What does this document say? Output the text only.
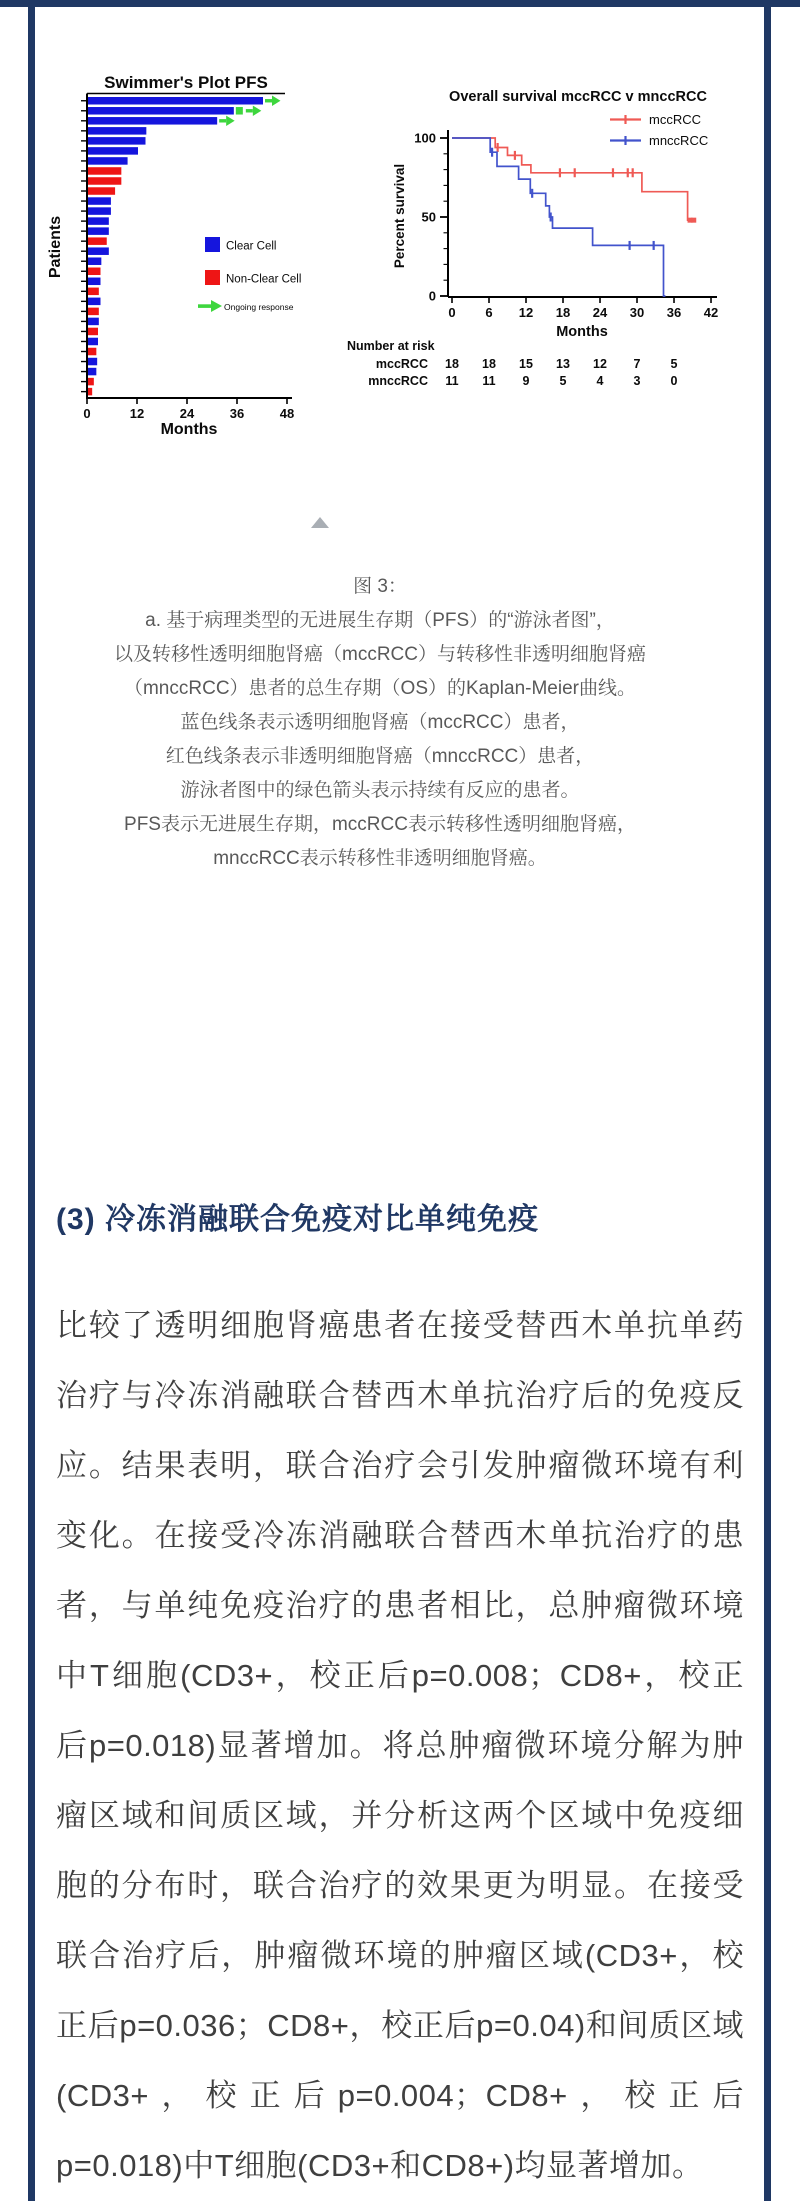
Swimmer's Plot PFS
Patients
0	12	24	36	48
Months
Clear Cell
Non-Clear Cell
Ongoing response
Overall survival mccRCC v mnccRCC
mccRCC
mnccRCC
0
50
100
Percent survival
0 6 12 18 24 30 36 42
Months
Number at risk
mccRCC 18 18 15 13 12 7 5
mnccRCC 11 11 9 5 4 3 0
图 3：
a. 基于病理类型的无进展生存期（PFS）的“游泳者图”，
以及转移性透明细胞肾癌（mccRCC）与转移性非透明细胞肾癌
（mnccRCC）患者的总生存期（OS）的Kaplan-Meier曲线。
蓝色线条表示透明细胞肾癌（mccRCC）患者，
红色线条表示非透明细胞肾癌（mnccRCC）患者，
游泳者图中的绿色箭头表示持续有反应的患者。
PFS表示无进展生存期，mccRCC表示转移性透明细胞肾癌，
mnccRCC表示转移性非透明细胞肾癌。
(3) 冷冻消融联合免疫对比单纯免疫

比较了透明细胞肾癌患者在接受替西木单抗单药治疗与冷冻消融联合替西木单抗治疗后的免疫反应。结果表明，联合治疗会引发肿瘤微环境有利变化。在接受冷冻消融联合替西木单抗治疗的患者，与单纯免疫治疗的患者相比，总肿瘤微环境中T细胞(CD3+，校正后p=0.008；CD8+，校正后p=0.018)显著增加。将总肿瘤微环境分解为肿瘤区域和间质区域，并分析这两个区域中免疫细胞的分布时，联合治疗的效果更为明显。在接受联合治疗后，肿瘤微环境的肿瘤区域(CD3+，校正后p=0.036；CD8+，校正后p=0.04)和间质区域(CD3+，校正后p=0.004；CD8+，校正后p=0.018)中T细胞(CD3+和CD8+)均显著增加。
